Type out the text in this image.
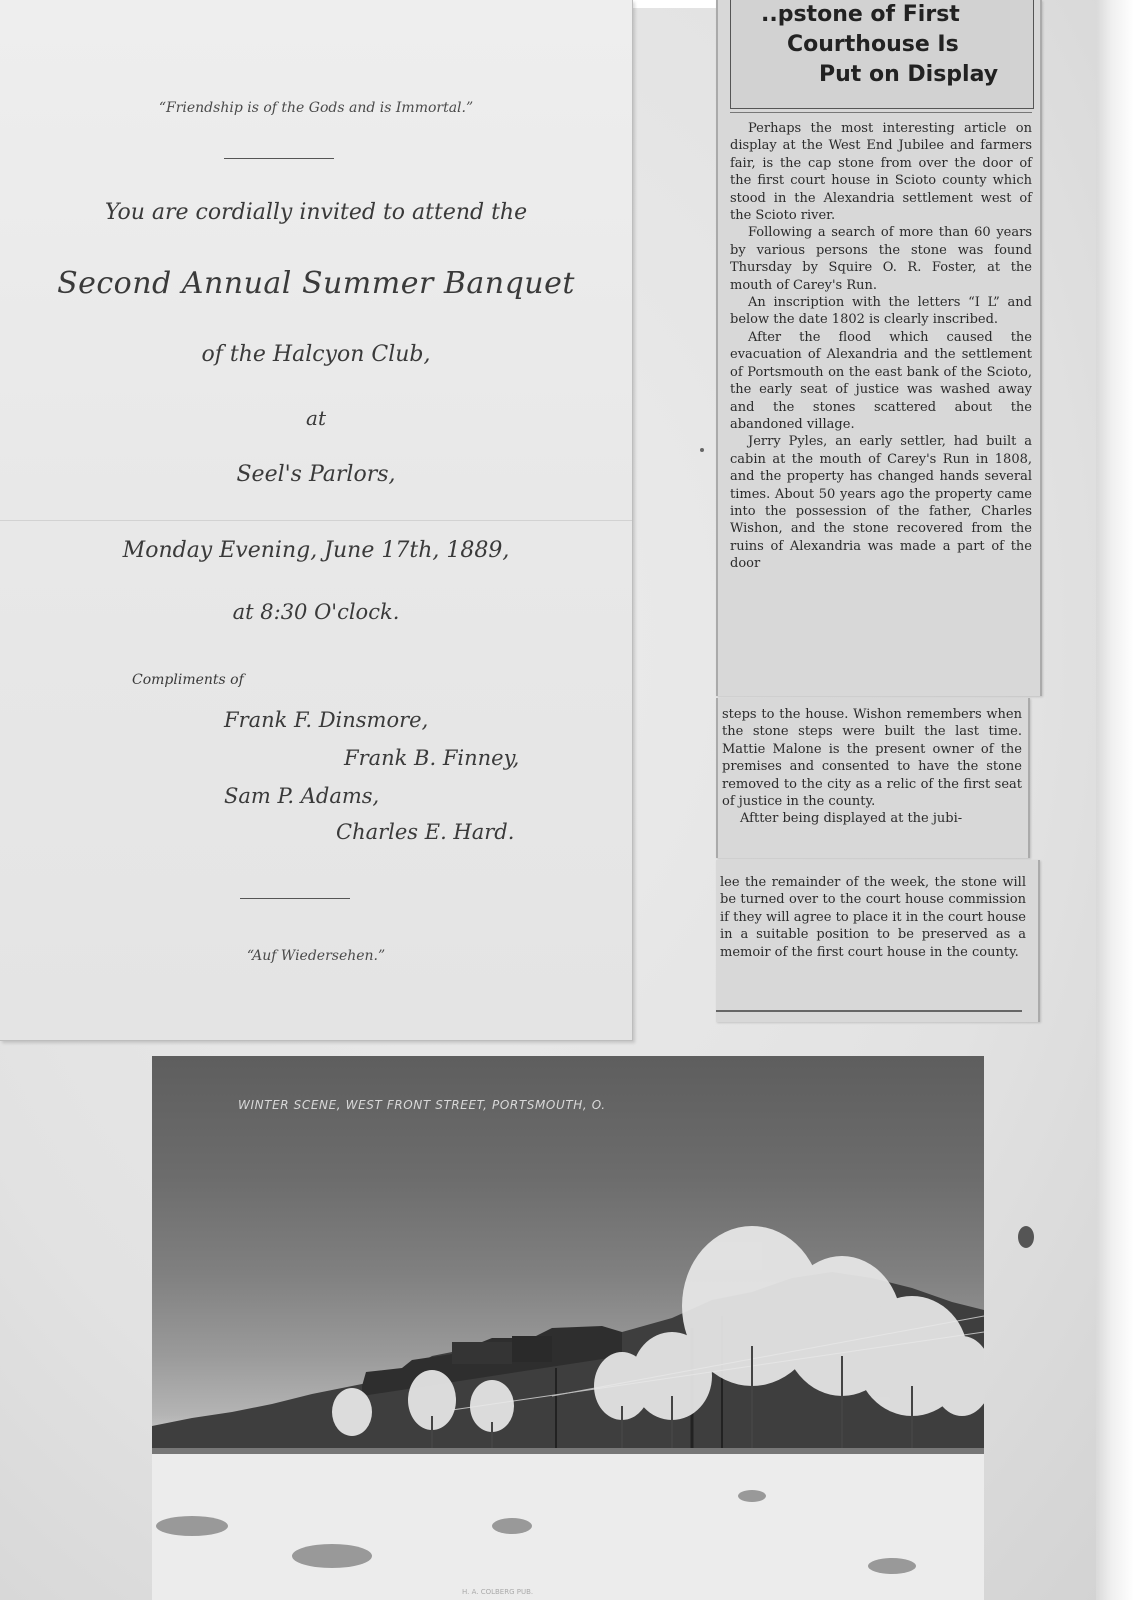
“Friendship is of the Gods and is Immortal.”
You are cordially invited to attend the
Second Annual Summer Banquet
of the Halcyon Club,
at
Seel's Parlors,
Monday Evening, June 17th, 1889,
at 8:30 O'clock.
Compliments of
Frank F. Dinsmore,
Frank B. Finney,
Sam P. Adams,
Charles E. Hard.
“Auf Wiedersehen.”
..pstone of First
Courthouse Is
Put on Display

Perhaps the most interesting article on display at the West End Jubilee and farmers fair, is the cap stone from over the door of the first court house in Scioto county which stood in the Alexandria settlement west of the Scioto river.

Following a search of more than 60 years by various persons the stone was found Thursday by Squire O. R. Foster, at the mouth of Carey's Run.

An inscription with the letters “I L” and below the date 1802 is clearly inscribed.

After the flood which caused the evacuation of Alexandria and the settlement of Portsmouth on the east bank of the Scioto, the early seat of justice was washed away and the stones scattered about the abandoned village.

Jerry Pyles, an early settler, had built a cabin at the mouth of Carey's Run in 1808, and the property has changed hands several times. About 50 years ago the property came into the possession of the father, Charles Wishon, and the stone recovered from the ruins of Alexandria was made a part of the door

steps to the house. Wishon remembers when the stone steps were built the last time. Mattie Malone is the present owner of the premises and consented to have the stone removed to the city as a relic of the first seat of justice in the county.

Aftter being displayed at the jubi-

lee the remainder of the week, the stone will be turned over to the court house commission if they will agree to place it in the court house in a suitable position to be preserved as a memoir of the first court house in the county.

WINTER SCENE, WEST FRONT STREET, PORTSMOUTH, O.
H. A. COLBERG PUB.
